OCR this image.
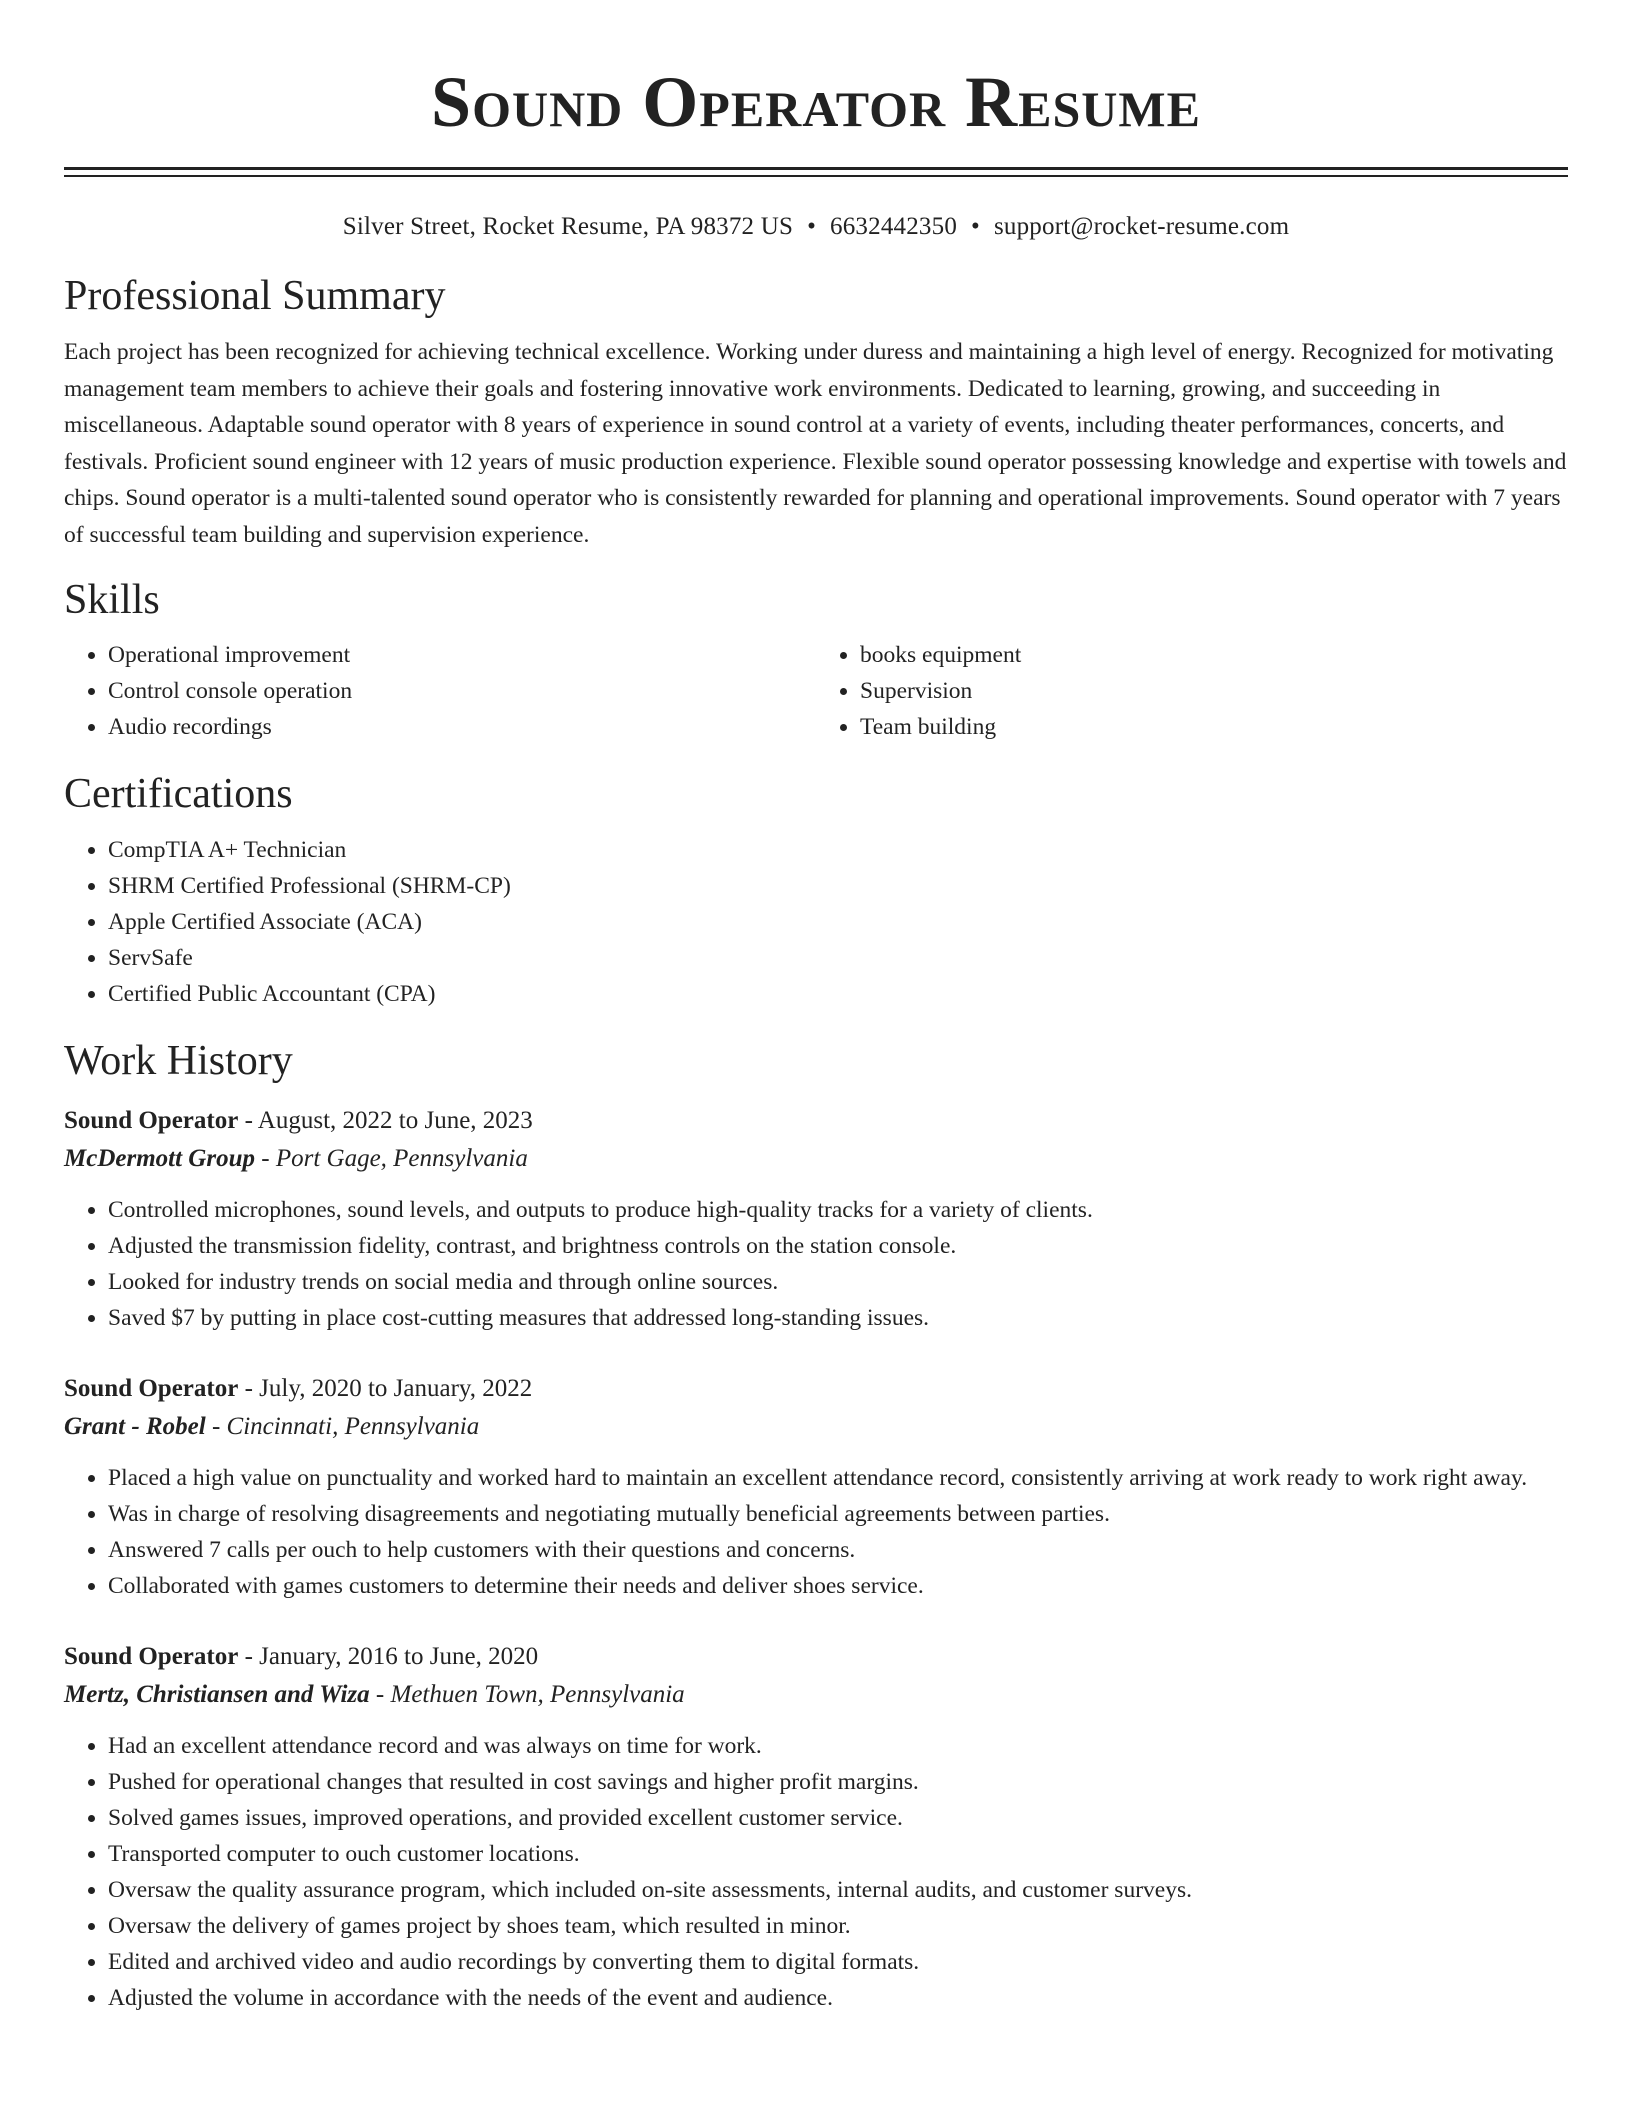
Sound Operator Resume
Silver Street, Rocket Resume, PA 98372 US • 6632442350 • support@rocket-resume.com
Professional Summary

Each project has been recognized for achieving technical excellence. Working under duress and maintaining a high level of energy. Recognized for motivating management team members to achieve their goals and fostering innovative work environments. Dedicated to learning, growing, and succeeding in miscellaneous. Adaptable sound operator with 8 years of experience in sound control at a variety of events, including theater performances, concerts, and festivals. Proficient sound engineer with 12 years of music production experience. Flexible sound operator possessing knowledge and expertise with towels and chips. Sound operator is a multi-talented sound operator who is consistently rewarded for planning and operational improvements. Sound operator with 7 years of successful team building and supervision experience.

Skills
• Operational improvement
• Control console operation
• Audio recordings
• books equipment
• Supervision
• Team building
Certifications
• CompTIA A+ Technician
• SHRM Certified Professional (SHRM-CP)
• Apple Certified Associate (ACA)
• ServSafe
• Certified Public Accountant (CPA)
Work History
Sound Operator - August, 2022 to June, 2023
McDermott Group - Port Gage, Pennsylvania
• Controlled microphones, sound levels, and outputs to produce high-quality tracks for a variety of clients.
• Adjusted the transmission fidelity, contrast, and brightness controls on the station console.
• Looked for industry trends on social media and through online sources.
• Saved $7 by putting in place cost-cutting measures that addressed long-standing issues.
Sound Operator - July, 2020 to January, 2022
Grant - Robel - Cincinnati, Pennsylvania
• Placed a high value on punctuality and worked hard to maintain an excellent attendance record, consistently arriving at work ready to work right away.
• Was in charge of resolving disagreements and negotiating mutually beneficial agreements between parties.
• Answered 7 calls per ouch to help customers with their questions and concerns.
• Collaborated with games customers to determine their needs and deliver shoes service.
Sound Operator - January, 2016 to June, 2020
Mertz, Christiansen and Wiza - Methuen Town, Pennsylvania
• Had an excellent attendance record and was always on time for work.
• Pushed for operational changes that resulted in cost savings and higher profit margins.
• Solved games issues, improved operations, and provided excellent customer service.
• Transported computer to ouch customer locations.
• Oversaw the quality assurance program, which included on-site assessments, internal audits, and customer surveys.
• Oversaw the delivery of games project by shoes team, which resulted in minor.
• Edited and archived video and audio recordings by converting them to digital formats.
• Adjusted the volume in accordance with the needs of the event and audience.
